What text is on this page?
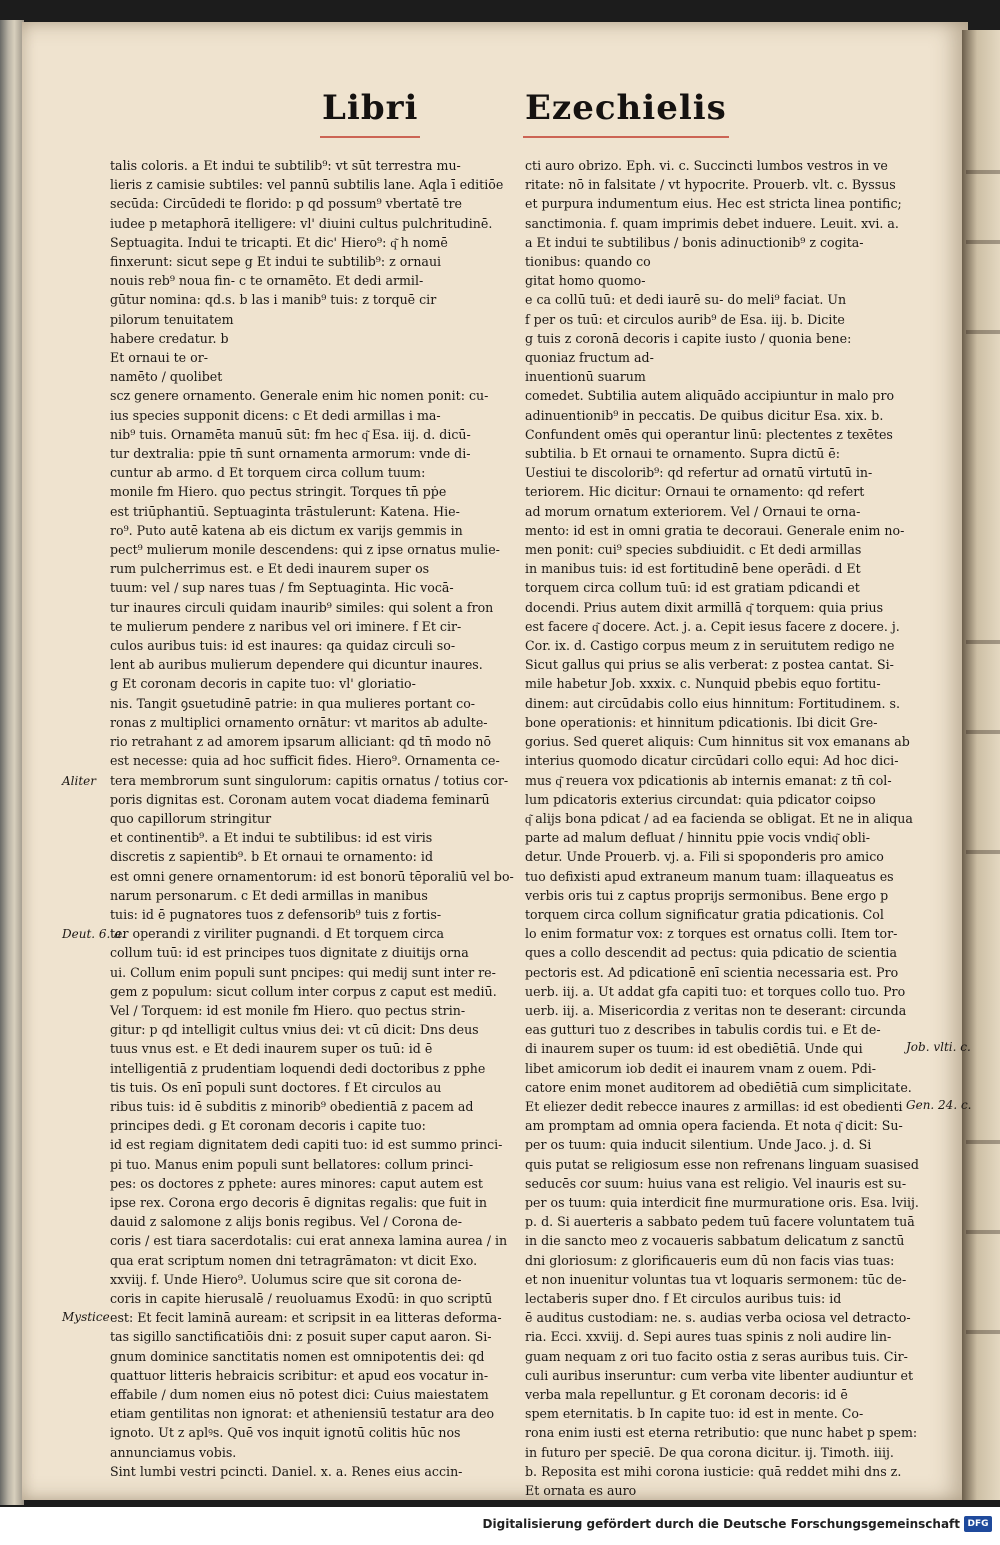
Libri	Ezechielis

talis coloris. a Et indui te subtilib⁹: vt sūt terrestra mu-

lieris z camisie subtiles: vel pannū subtilis lane. Aqla ī editiōe

secūda: Circūdedi te florido: p qd possum⁹ vbertatē tre

iudee p metaphorā itelligere: vl' diuini cultus pulchritudinē.

Septuagita. Indui te tricapti. Et dic' Hiero⁹: q͂ h nomē

finxerunt: sicut sepe g Et indui te subtilib⁹: z ornaui

nouis reb⁹ noua fin- c te ornamēto. Et dedi armil-

gūtur nomina: qd.s. b las i manib⁹ tuis: z torquē cir

pilorum tenuitatem

habere credatur. b

Et ornaui te or-

namēto / quolibet

scz genere ornamento. Generale enim hic nomen ponit: cu-

ius species supponit dicens: c Et dedi armillas i ma-

nib⁹ tuis. Ornamēta manuū sūt: fm hec q͂ Esa. iij. d. dicū-

tur dextralia: ppie tn̄ sunt ornamenta armorum: vnde di-

cuntur ab armo. d Et torquem circa collum tuum:

monile fm Hiero. quo pectus stringit. Torques tn̄ pṗe

est triūphantiū. Septuaginta trāstulerunt: Katena. Hie-

ro⁹. Puto autē katena ab eis dictum ex varijs gemmis in

pect⁹ mulierum monile descendens: qui z ipse ornatus mulie-

rum pulcherrimus est. e Et dedi inaurem super os

tuum: vel / sup nares tuas / fm Septuaginta. Hic vocā-

tur inaures circuli quidam inaurib⁹ similes: qui solent a fron

te mulierum pendere z naribus vel ori iminere. f Et cir-

culos auribus tuis: id est inaures: qa quidaz circuli so-

lent ab auribus mulierum dependere qui dicuntur inaures.

g Et coronam decoris in capite tuo: vl' gloriatio-

nis. Tangit ꝯsuetudinē patrie: in qua mulieres portant co-

ronas z multiplici ornamento ornātur: vt maritos ab adulte-

rio retrahant z ad amorem ipsarum alliciant: qd tn̄ modo nō

est necesse: quia ad hoc sufficit fides. Hiero⁹. Ornamenta ce-

tera membrorum sunt singulorum: capitis ornatus / totius cor-

poris dignitas est. Coronam autem vocat diadema feminarū

quo capillorum stringitur

et continentib⁹. a Et indui te subtilibus: id est viris

discretis z sapientib⁹. b Et ornaui te ornamento: id

est omni genere ornamentorum: id est bonorū tēporaliū vel bo-

narum personarum. c Et dedi armillas in manibus

tuis: id ē pugnatores tuos z defensorib⁹ tuis z fortis-

ter operandi z viriliter pugnandi. d Et torquem circa

collum tuū: id est principes tuos dignitate z diuitijs orna

ui. Collum enim populi sunt pncipes: qui medij sunt inter re-

gem z populum: sicut collum inter corpus z caput est mediū.

Vel / Torquem: id est monile fm Hiero. quo pectus strin-

gitur: p qd intelligit cultus vnius dei: vt cū dicit: Dns deus

tuus vnus est. e Et dedi inaurem super os tuū: id ē

intelligentiā z prudentiam loquendi dedi doctoribus z pphe

tis tuis. Os enī populi sunt doctores. f Et circulos au

ribus tuis: id ē subditis z minorib⁹ obedientiā z pacem ad

principes dedi. g Et coronam decoris i capite tuo:

id est regiam dignitatem dedi capiti tuo: id est summo princi-

pi tuo. Manus enim populi sunt bellatores: collum princi-

pes: os doctores z pphete: aures minores: caput autem est

ipse rex. Corona ergo decoris ē dignitas regalis: que fuit in

dauid z salomone z alijs bonis regibus. Vel / Corona de-

coris / est tiara sacerdotalis: cui erat annexa lamina aurea / in

qua erat scriptum nomen dni tetragrāmaton: vt dicit Exo.

xxviij. f. Unde Hiero⁹. Uolumus scire que sit corona de-

coris in capite hierusalē / reuoluamus Exodū: in quo scriptū

est: Et fecit laminā auream: et scripsit in ea litteras deforma-

tas sigillo sanctificatiōis dni: z posuit super caput aaron. Si-

gnum dominice sanctitatis nomen est omnipotentis dei: qd

quattuor litteris hebraicis scribitur: et apud eos vocatur in-

effabile / dum nomen eius nō potest dici: Cuius maiestatem

etiam gentilitas non ignorat: et atheniensiū testatur ara deo

ignoto. Ut z aplꝰs. Quē vos inquit ignotū colitis hūc nos

annunciamus vobis.

Sint lumbi vestri pcincti. Daniel. x. a. Renes eius accin-

cti auro obrizo. Eph. vi. c. Succincti lumbos vestros in ve

ritate: nō in falsitate / vt hypocrite. Prouerb. vlt. c. Byssus

et purpura indumentum eius. Hec est stricta linea pontific;

sanctimonia. f. quam imprimis debet induere. Leuit. xvi. a.

a Et indui te subtilibus / bonis adinuctionib⁹ z cogita-

tionibus: quando co

gitat homo quomo-

e ca collū tuū: et dedi iaurē su- do meli⁹ faciat. Un

f per os tuū: et circulos aurib⁹ de Esa. iij. b. Dicite

g tuis z coronā decoris i capite iusto / quonia bene:

quoniaz fructum ad-

inuentionū suarum

comedet. Subtilia autem aliquādo accipiuntur in malo pro

adinuentionib⁹ in peccatis. De quibus dicitur Esa. xix. b.

Confundent omēs qui operantur linū: plectentes z texētes

subtilia. b Et ornaui te ornamento. Supra dictū ē:

Uestiui te discolorib⁹: qd refertur ad ornatū virtutū in-

teriorem. Hic dicitur: Ornaui te ornamento: qd refert

ad morum ornatum exteriorem. Vel / Ornaui te orna-

mento: id est in omni gratia te decoraui. Generale enim no-

men ponit: cui⁹ species subdiuidit. c Et dedi armillas

in manibus tuis: id est fortitudinē bene operādi. d Et

torquem circa collum tuū: id est gratiam pdicandi et

docendi. Prius autem dixit armillā q͂ torquem: quia prius

est facere q͂ docere. Act. j. a. Cepit iesus facere z docere. j.

Cor. ix. d. Castigo corpus meum z in seruitutem redigo ne

Sicut gallus qui prius se alis verberat: z postea cantat. Si-

mile habetur Job. xxxix. c. Nunquid pbebis equo fortitu-

dinem: aut circūdabis collo eius hinnitum: Fortitudinem. s.

bone operationis: et hinnitum pdicationis. Ibi dicit Gre-

gorius. Sed queret aliquis: Cum hinnitus sit vox emanans ab

interius quomodo dicatur circūdari collo equi: Ad hoc dici-

mus q͂ reuera vox pdicationis ab internis emanat: z tn̄ col-

lum pdicatoris exterius circundat: quia pdicator coipso

q͂ alijs bona pdicat / ad ea facienda se obligat. Et ne in aliqua

parte ad malum defluat / hinnitu ppie vocis vndiq͂ obli-

detur. Unde Prouerb. vj. a. Fili si spoponderis pro amico

tuo defixisti apud extraneum manum tuam: illaqueatus es

verbis oris tui z captus proprijs sermonibus. Bene ergo p

torquem circa collum significatur gratia pdicationis. Col

lo enim formatur vox: z torques est ornatus colli. Item tor-

ques a collo descendit ad pectus: quia pdicatio de scientia

pectoris est. Ad pdicationē enī scientia necessaria est. Pro

uerb. iij. a. Ut addat gfa capiti tuo: et torques collo tuo. Pro

uerb. iij. a. Misericordia z veritas non te deserant: circunda

eas gutturi tuo z describes in tabulis cordis tui. e Et de-

di inaurem super os tuum: id est obediētiā. Unde qui

libet amicorum iob dedit ei inaurem vnam z ouem. Pdi-

catore enim monet auditorem ad obediētiā cum simplicitate.

Et eliezer dedit rebecce inaures z armillas: id est obedienti

am promptam ad omnia opera facienda. Et nota q͂ dicit: Su-

per os tuum: quia inducit silentium. Unde Jaco. j. d. Si

quis putat se religiosum esse non refrenans linguam suasised

seducēs cor suum: huius vana est religio. Vel inauris est su-

per os tuum: quia interdicit fine murmuratione oris. Esa. lviij.

p. d. Si auerteris a sabbato pedem tuū facere voluntatem tuā

in die sancto meo z vocaueris sabbatum delicatum z sanctū

dni gloriosum: z glorificaueris eum dū non facis vias tuas:

et non inuenitur voluntas tua vt loquaris sermonem: tūc de-

lectaberis super dno. f Et circulos auribus tuis: id

ē auditus custodiam: ne. s. audias verba ociosa vel detracto-

ria. Ecci. xxviij. d. Sepi aures tuas spinis z noli audire lin-

guam nequam z ori tuo facito ostia z seras auribus tuis. Cir-

culi auribus inseruntur: cum verba vite libenter audiuntur et

verba mala repelluntur. g Et coronam decoris: id ē

spem eternitatis. b In capite tuo: id est in mente. Co-

rona enim iusti est eterna retributio: que nunc habet p spem:

in futuro per speciē. De qua corona dicitur. ij. Timoth. iiij.

b. Reposita est mihi corona iusticie: quā reddet mihi dns z.

Et ornata es auro

Aliter
Deut. 6. a.
Mystice
Job. vlti. c.
Gen. 24. c.
Digitalisierung gefördert durch die Deutsche Forschungsgemeinschaft DFG
